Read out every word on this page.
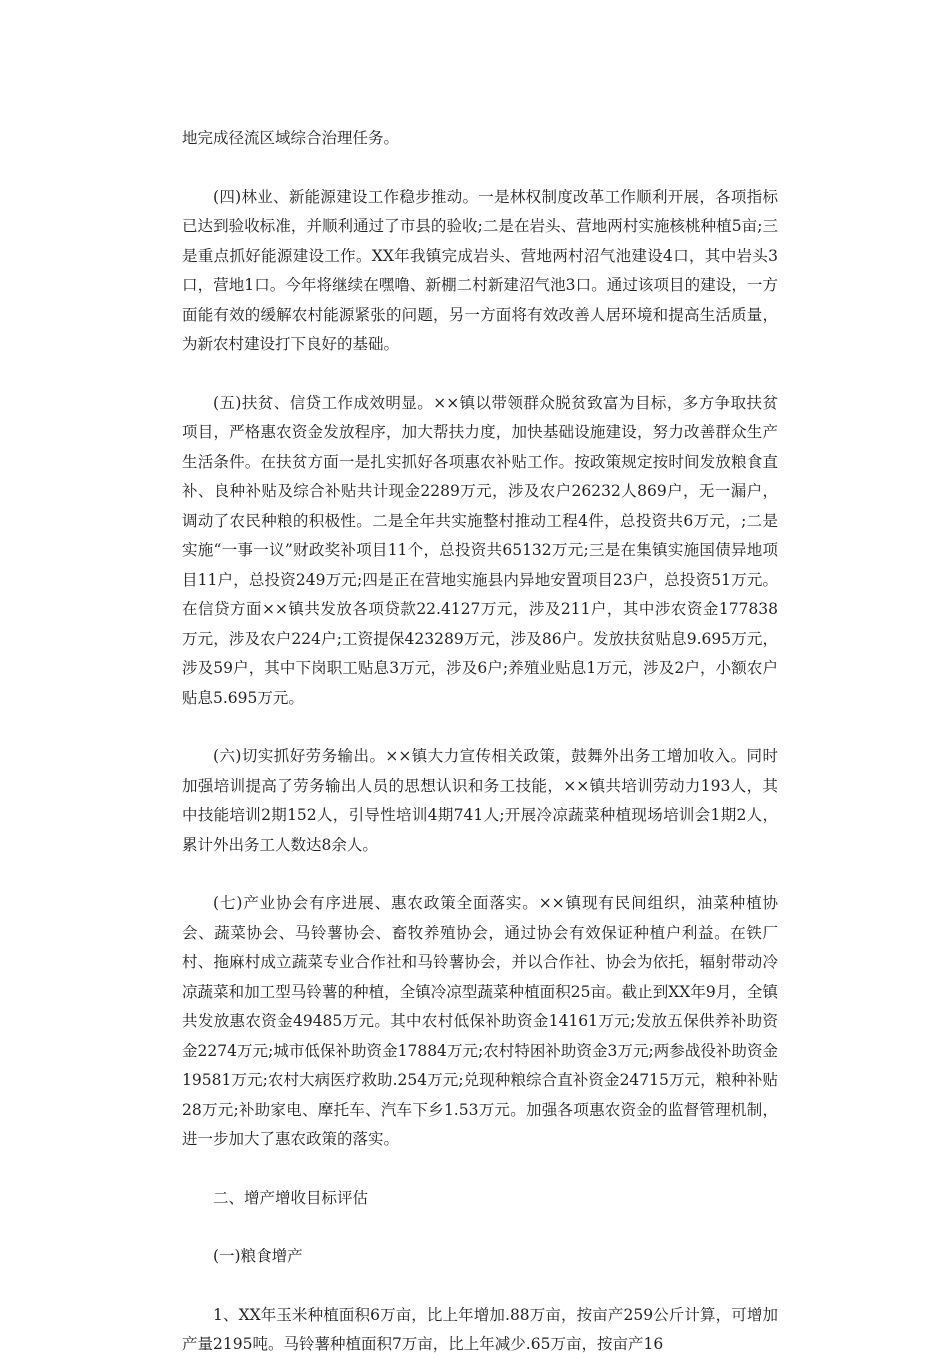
地完成径流区域综合治理任务。

(四)林业、新能源建设工作稳步推动。一是林权制度改革工作顺利开展，各项指标已达到验收标准，并顺利通过了市县的验收;二是在岩头、营地两村实施核桃种植5亩;三是重点抓好能源建设工作。XX年我镇完成岩头、营地两村沼气池建设4口，其中岩头3口，营地1口。今年将继续在嘿噜、新棚二村新建沼气池3口。通过该项目的建设，一方面能有效的缓解农村能源紧张的问题，另一方面将有效改善人居环境和提高生活质量，为新农村建设打下良好的基础。

(五)扶贫、信贷工作成效明显。××镇以带领群众脱贫致富为目标，多方争取扶贫项目，严格惠农资金发放程序，加大帮扶力度，加快基础设施建设，努力改善群众生产生活条件。在扶贫方面一是扎实抓好各项惠农补贴工作。按政策规定按时间发放粮食直补、良种补贴及综合补贴共计现金2289万元，涉及农户26232人869户，无一漏户，调动了农民种粮的积极性。二是全年共实施整村推动工程4件，总投资共6万元，;二是实施“一事一议”财政奖补项目11个，总投资共65132万元;三是在集镇实施国债异地项目11户，总投资249万元;四是正在营地实施县内异地安置项目23户，总投资51万元。在信贷方面××镇共发放各项贷款22.4127万元，涉及211户，其中涉农资金177838万元，涉及农户224户;工资提保423289万元，涉及86户。发放扶贫贴息9.695万元，涉及59户，其中下岗职工贴息3万元，涉及6户;养殖业贴息1万元，涉及2户，小额农户贴息5.695万元。

(六)切实抓好劳务输出。××镇大力宣传相关政策，鼓舞外出务工增加收入。同时加强培训提高了劳务输出人员的思想认识和务工技能，××镇共培训劳动力193人，其中技能培训2期152人，引导性培训4期741人;开展冷凉蔬菜种植现场培训会1期2人，累计外出务工人数达8余人。

(七)产业协会有序进展、惠农政策全面落实。××镇现有民间组织，油菜种植协会、蔬菜协会、马铃薯协会、畜牧养殖协会，通过协会有效保证种植户利益。在铁厂村、拖麻村成立蔬菜专业合作社和马铃薯协会，并以合作社、协会为依托，辐射带动冷凉蔬菜和加工型马铃薯的种植，全镇冷凉型蔬菜种植面积25亩。截止到XX年9月，全镇共发放惠农资金49485万元。其中农村低保补助资金14161万元;发放五保供养补助资金2274万元;城市低保补助资金17884万元;农村特困补助资金3万元;两参战役补助资金19581万元;农村大病医疗救助.254万元;兑现种粮综合直补资金24715万元，粮种补贴28万元;补助家电、摩托车、汽车下乡1.53万元。加强各项惠农资金的监督管理机制，进一步加大了惠农政策的落实。

二、增产增收目标评估

(一)粮食增产

1、XX年玉米种植面积6万亩，比上年增加.88万亩，按亩产259公斤计算，可增加产量2195吨。马铃薯种植面积7万亩，比上年减少.65万亩，按亩产16
